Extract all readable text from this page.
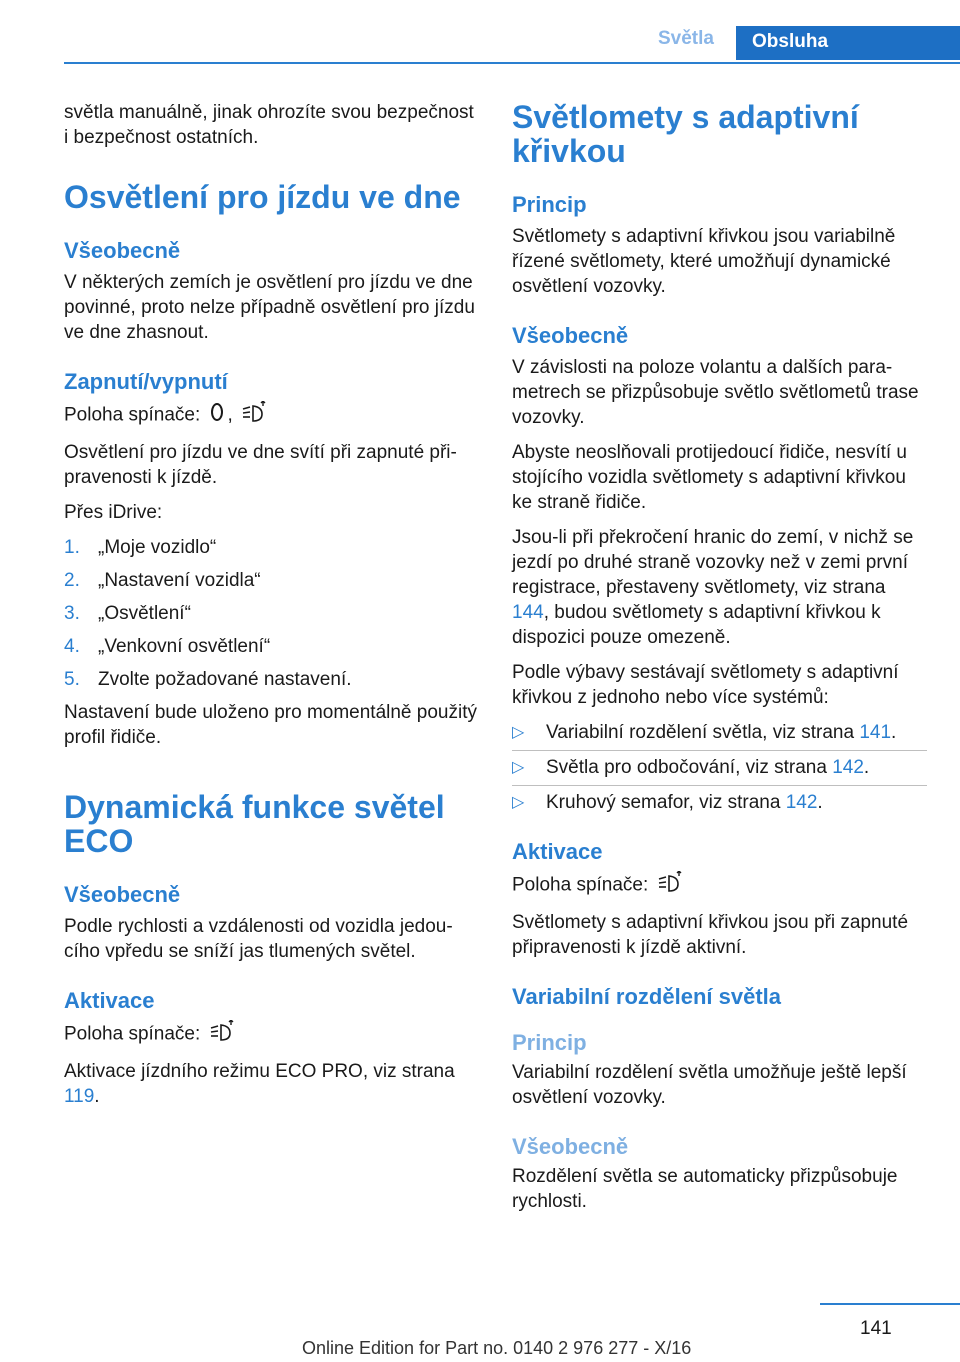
Světla	Obsluha

světla manuálně, jinak ohrozíte svou bezpečnost i bezpečnost ostatních.

Osvětlení pro jízdu ve dne
Všeobecně

V některých zemích je osvětlení pro jízdu ve dne povinné, proto nelze případně osvětlení pro jízdu ve dne zhasnout.

Zapnutí/vypnutí

Poloha spínače: ,

Osvětlení pro jízdu ve dne svítí při zapnuté připravenosti k jízdě.

Přes iDrive:

1. „Moje vozidlo“
2. „Nastavení vozidla“
3. „Osvětlení“
4. „Venkovní osvětlení“
5. Zvolte požadované nastavení.

Nastavení bude uloženo pro momentálně použitý profil řidiče.

Dynamická funkce světel ECO
Všeobecně

Podle rychlosti a vzdálenosti od vozidla jedoucího vpředu se sníží jas tlumených světel.

Aktivace

Poloha spínače:

Aktivace jízdního režimu ECO PRO, viz strana 119.

Světlomety s adaptivní křivkou
Princip

Světlomety s adaptivní křivkou jsou variabilně řízené světlomety, které umožňují dynamické osvětlení vozovky.

Všeobecně

V závislosti na poloze volantu a dalších parametrech se přizpůsobuje světlo světlometů trase vozovky.

Abyste neoslňovali protijedoucí řidiče, nesvítí u stojícího vozidla světlomety s adaptivní křivkou ke straně řidiče.

Jsou-li při překročení hranic do zemí, v nichž se jezdí po druhé straně vozovky než v zemi první registrace, přestaveny světlomety, viz strana 144, budou světlomety s adaptivní křivkou k dispozici pouze omezeně.

Podle výbavy sestávají světlomety s adaptivní křivkou z jednoho nebo více systémů:

▷ Variabilní rozdělení světla, viz strana 141.
▷ Světla pro odbočování, viz strana 142.
▷ Kruhový semafor, viz strana 142.
Aktivace

Poloha spínače:

Světlomety s adaptivní křivkou jsou při zapnuté připravenosti k jízdě aktivní.

Variabilní rozdělení světla
Princip

Variabilní rozdělení světla umožňuje ještě lepší osvětlení vozovky.

Všeobecně

Rozdělení světla se automaticky přizpůsobuje rychlosti.

141
Online Edition for Part no. 0140 2 976 277 - X/16
